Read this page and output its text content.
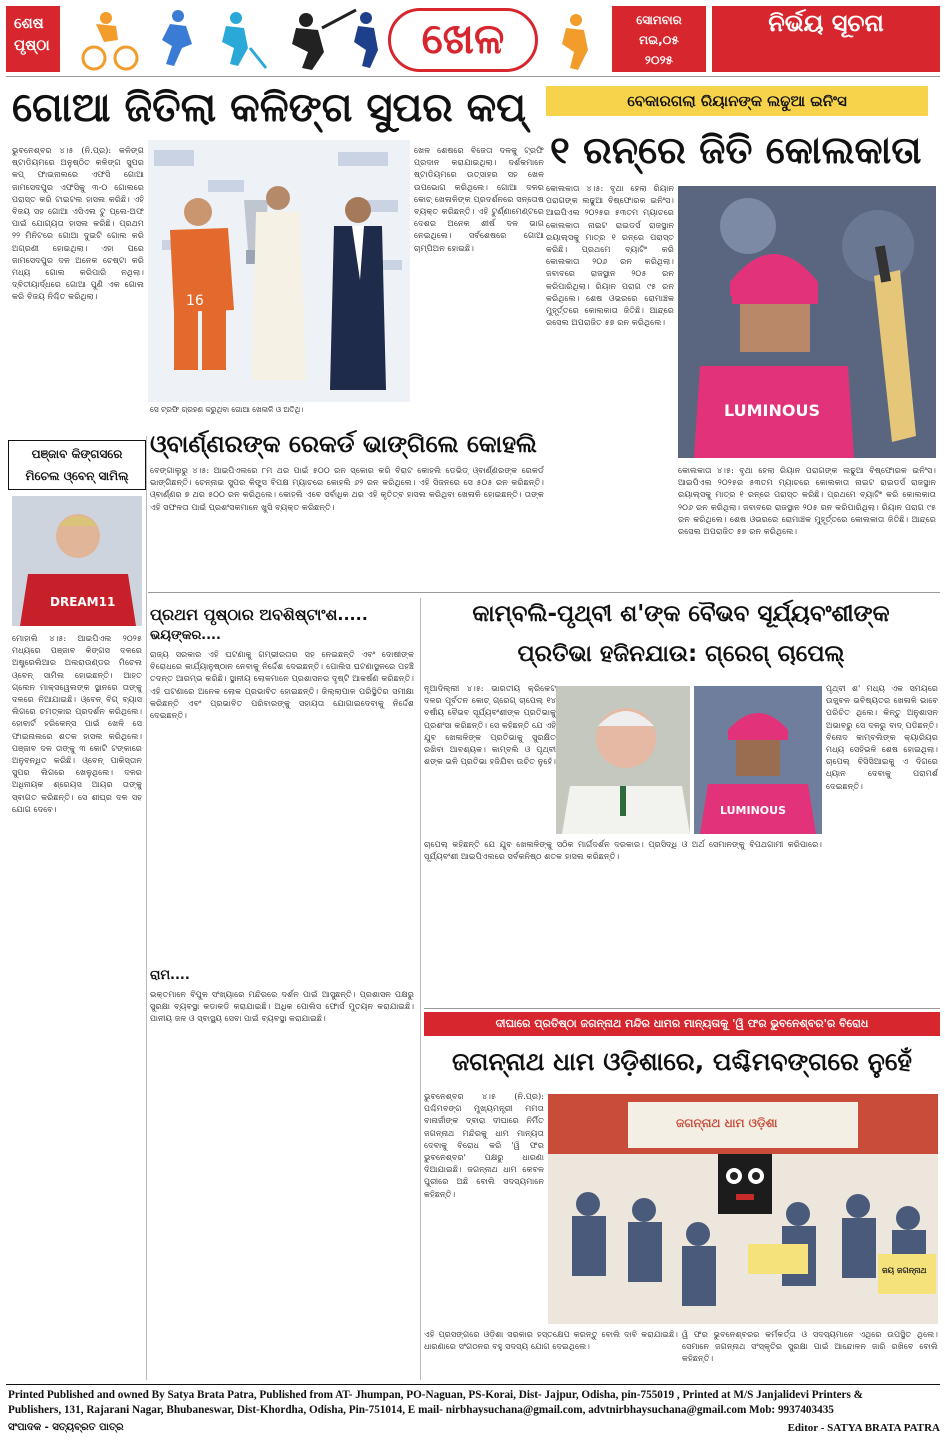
ଶେଷ
ପୃଷ୍ଠା	ଖେଳ	ସୋମବାର
ମଇ,୦୫
୨୦୨୫
ନିର୍ଭୟ ସୂଚନା
ଗୋଆ ଜିତିଲା କଳିଙ୍ଗ ସୁପର କପ୍
ଭୁବନେଶ୍ବର ୪।୫ (ନି.ପ୍ର): କଳିଙ୍ଗ ଷ୍ଟାଡିୟମରେ ଅନୁଷ୍ଠିତ କଳିଙ୍ଗ ସୁପର କପ୍ ଫାଇନାଲରେ ଏଫସି ଗୋଆ ଜାମସେଦପୁର ଏଫସିକୁ ୩-୦ ଗୋଲରେ ପରାସ୍ତ କରି ଟାଇଟଲ ହାସଲ କରିଛି। ଏହି ବିଜୟ ସହ ଗୋଆ ଏସିଏଲ ଟୁ ପ୍ଲେ-ଅଫ ପାଇଁ ଯୋଗ୍ୟତା ହାସଲ କରିଛି। ପ୍ରଥମ ୨୨ ମିନିଟରେ ଗୋଆ ଦୁଇଟି ଗୋଲ କରି ଅଗ୍ରଣୀ ହୋଇଥିଲା। ଏହା ପରେ ଜାମସେଦପୁର ଦଳ ଅନେକ ଚେଷ୍ଟା କରି ମଧ୍ୟ ଗୋଲ କରିପାରି ନଥିଲା। ଦ୍ବିତୀୟାର୍ଦ୍ଧରେ ଗୋଆ ପୁଣି ଏକ ଗୋଲ କରି ବିଜୟ ନିଶ୍ଚିତ କରିଥିଲା।	16
ସେ ଟ୍ରଫି ଗ୍ରହଣ କରୁଥିବା ଗୋଆ ଖେଳାଳି ଓ ଅତିଥି।
ଖେଳ ଶେଷରେ ବିଜେତା ଦଳକୁ ଟ୍ରଫି ପ୍ରଦାନ କରାଯାଇଥିଲା। ଦର୍ଶକମାନେ ଷ୍ଟାଡିୟମରେ ଉତ୍ସାହର ସହ ଖେଳ ଉପଭୋଗ କରିଥିଲେ। ଗୋଆ ଦଳର କୋଚ୍ ଖେଳାଳିଙ୍କ ପ୍ରଦର୍ଶନରେ ସନ୍ତୋଷ ବ୍ୟକ୍ତ କରିଛନ୍ତି। ଏହି ଟୁର୍ଣ୍ଣାମେଣ୍ଟରେ ଦେଶର ଅନେକ ଶୀର୍ଷ ଦଳ ଭାଗ ନେଇଥିଲେ। ସର୍ବଶେଷରେ ଗୋଆ ଚାମ୍ପିଅନ ହୋଇଛି।
ବେକାରଗଲା ରିୟାନଙ୍କ ଲଢୁଆ ଇନିଂସ
୧ ରନ୍‌ରେ ଜିତି କୋଲକାତା
କୋଲକାତା ୪।୫: ବୃଥା ହେଲା ରିୟାନ ପରାଗଙ୍କ ଲଢୁଆ ବିଷ୍ଫୋରକ ଇନିଂସ। ଆଇପିଏଲ ୨୦୨୫ର ୫୩ତମ ମ୍ୟାଚରେ କୋଲକାତା ନାଇଟ ରାଇଡର୍ସ ରାଜସ୍ଥାନ ରୟାଲ୍ସକୁ ମାତ୍ର ୧ ରନ୍‌ରେ ପରାସ୍ତ କରିଛି। ପ୍ରଥମେ ବ୍ୟାଟିଂ କରି କୋଲକାତା ୨୦୬ ରନ କରିଥିଲା। ଜବାବରେ ରାଜସ୍ଥାନ ୨୦୫ ରନ କରିପାରିଥିଲା। ରିୟାନ ପରାଗ ୯୫ ରନ କରିଥିଲେ। ଶେଷ ଓଭରରେ ରୋମାଞ୍ଚକ ମୁହୂର୍ତ୍ତରେ କୋଲକାତା ଜିତିଛି। ଆନ୍ଦ୍ରେ ରସେଲ ଅପରାଜିତ ୫୭ ରନ କରିଥିଲେ।
LUMINOUS
କୋଲକାତା ୪।୫: ବୃଥା ହେଲା ରିୟାନ ପରାଗଙ୍କ ଲଢୁଆ ବିଷ୍ଫୋରକ ଇନିଂସ। ଆଇପିଏଲ ୨୦୨୫ର ୫୩ତମ ମ୍ୟାଚରେ କୋଲକାତା ନାଇଟ ରାଇଡର୍ସ ରାଜସ୍ଥାନ ରୟାଲ୍ସକୁ ମାତ୍ର ୧ ରନ୍‌ରେ ପରାସ୍ତ କରିଛି। ପ୍ରଥମେ ବ୍ୟାଟିଂ କରି କୋଲକାତା ୨୦୬ ରନ କରିଥିଲା। ଜବାବରେ ରାଜସ୍ଥାନ ୨୦୫ ରନ କରିପାରିଥିଲା। ରିୟାନ ପରାଗ ୯୫ ରନ କରିଥିଲେ। ଶେଷ ଓଭରରେ ରୋମାଞ୍ଚକ ମୁହୂର୍ତ୍ତରେ କୋଲକାତା ଜିତିଛି। ଆନ୍ଦ୍ରେ ରସେଲ ଅପରାଜିତ ୫୭ ରନ କରିଥିଲେ।
ଓ୍ବାର୍ଣ୍ଣରଙ୍କ ରେକର୍ଡ ଭାଙ୍ଗିଲେ କୋହଲି
ବେଙ୍ଗାଲୁରୁ ୪।୫: ଆଇପିଏଲରେ ୮ମ ଥର ପାଇଁ ୫୦୦ ରନ ସ୍କୋର କରି ବିରାଟ କୋହଲି ଡେଭିଡ୍ ଓ୍ବାର୍ଣ୍ଣରଙ୍କ ରେକର୍ଡ ଭାଙ୍ଗିଛନ୍ତି। ଚେନ୍ନାଇ ସୁପର କିଙ୍ଗ୍ସ ବିପକ୍ଷ ମ୍ୟାଚରେ କୋହଲି ୬୨ ରନ କରିଥିଲେ। ଏହି ସିଜନରେ ସେ ୫୦୫ ରନ କରିଛନ୍ତି। ଓ୍ବାର୍ଣ୍ଣର ୭ ଥର ୫୦୦ ରନ କରିଥିଲେ। କୋହଲି ଏବେ ସର୍ବାଧିକ ଥର ଏହି କୃତିତ୍ବ ହାସଲ କରିଥିବା ଖେଳାଳି ହୋଇଛନ୍ତି। ତାଙ୍କ ଏହି ସଫଳତା ପାଇଁ ପ୍ରଶଂସକମାନେ ଖୁସି ବ୍ୟକ୍ତ କରିଛନ୍ତି।
ପଞ୍ଜାବ କିଙ୍ଗସରେ
ମିଚେଲ ଓ୍ବେନ୍ ସାମିଲ୍
DREAM11
ମୋହାଲି ୪।୫: ଆଇପିଏଲ ୨୦୨୫ ମଧ୍ୟରେ ପଞ୍ଜାବ କିଙ୍ଗସ ଦଳରେ ଅଷ୍ଟ୍ରେଲିଆର ଅଲରାଉଣ୍ଡର ମିଚେଲ ଓ୍ବେନ୍ ସାମିଲ ହୋଇଛନ୍ତି। ଆହତ ଗ୍ଲେନ ମାକ୍ସୱେଲଙ୍କ ସ୍ଥାନରେ ତାଙ୍କୁ ଦଳରେ ନିଆଯାଇଛି। ଓ୍ବେନ୍ ବିଗ୍ ବ୍ୟାସ ଲିଗରେ ଚମତ୍କାର ପ୍ରଦର୍ଶନ କରିଥିଲେ। ହୋବାର୍ଟ ହରିକେନ୍ସ ପାଇଁ ଖେଳି ସେ ଫାଇନାଲରେ ଶତକ ହାସଲ କରିଥିଲେ। ପଞ୍ଜାବ ଦଳ ତାଙ୍କୁ ୩ କୋଟି ଟଙ୍କାରେ ଅନୁବନ୍ଧିତ କରିଛି। ଓ୍ବେନ୍ ପାକିସ୍ତାନ ସୁପର ଲିଗରେ ଖେଳୁଥିଲେ। ଦଳର ଅଧିନାୟକ ଶ୍ରେୟସ ଆୟର ତାଙ୍କୁ ସ୍ବାଗତ କରିଛନ୍ତି। ସେ ଶୀଘ୍ର ଦଳ ସହ ଯୋଗ ଦେବେ।
ପ୍ରଥମ ପୃଷ୍ଠାର ଅବଶିଷ୍ଟାଂଶ.....
ଭୟଙ୍କର....
ରାଜ୍ୟ ସରକାର ଏହି ଘଟଣାକୁ ଗମ୍ଭୀରତାର ସହ ନେଇଛନ୍ତି ଏବଂ ଦୋଷୀଙ୍କ ବିରୋଧରେ କାର୍ଯ୍ୟାନୁଷ୍ଠାନ ନେବାକୁ ନିର୍ଦ୍ଦେଶ ଦେଇଛନ୍ତି। ପୋଲିସ ଘଟଣାସ୍ଥଳରେ ପହଞ୍ଚି ତଦନ୍ତ ଆରମ୍ଭ କରିଛି। ସ୍ଥାନୀୟ ଲୋକମାନେ ପ୍ରଶାସନର ଦୃଷ୍ଟି ଆକର୍ଷଣ କରିଛନ୍ତି। ଏହି ଘଟଣାରେ ଅନେକ ଲୋକ ପ୍ରଭାବିତ ହୋଇଛନ୍ତି। ଜିଲ୍ଲାପାଳ ପରିସ୍ଥିତିର ସମୀକ୍ଷା କରିଛନ୍ତି ଏବଂ ପ୍ରଭାବିତ ପରିବାରଙ୍କୁ ସହାୟତା ଯୋଗାଇଦେବାକୁ ନିର୍ଦ୍ଦେଶ ଦେଇଛନ୍ତି।
ରାମ....
ଭକ୍ତମାନେ ବିପୁଳ ସଂଖ୍ୟାରେ ମନ୍ଦିରରେ ଦର୍ଶନ ପାଇଁ ଆସୁଛନ୍ତି। ପ୍ରଶାସନ ପକ୍ଷରୁ ସୁରକ୍ଷା ବ୍ୟବସ୍ଥା କଡାକଡି କରାଯାଇଛି। ଅଧିକ ପୋଲିସ ଫୋର୍ସ ମୁତୟନ କରାଯାଇଛି। ପାନୀୟ ଜଳ ଓ ସ୍ବାସ୍ଥ୍ୟ ସେବା ପାଇଁ ବ୍ୟବସ୍ଥା କରାଯାଇଛି।
କାମ୍ବଲି-ପୃଥ୍ବୀ ଶ'ଙ୍କ ବୈଭବ ସୂର୍ଯ୍ୟବଂଶୀଙ୍କ
ପ୍ରତିଭା ହଜିନଯାଉ: ଗ୍ରେଗ୍ ଚାପେଲ୍
ନୂଆଦିଲ୍ଲୀ ୪।୫: ଭାରତୀୟ କ୍ରିକେଟ ଦଳର ପୂର୍ବତନ କୋଚ୍ ଗ୍ରେଗ୍ ଚାପେଲ୍ ୧୪ ବର୍ଷୀୟ ବୈଭବ ସୂର୍ଯ୍ୟବଂଶୀଙ୍କ ପ୍ରତିଭାକୁ ପ୍ରଶଂସା କରିଛନ୍ତି। ସେ କହିଛନ୍ତି ଯେ ଏହି ଯୁବ ଖେଳାଳିଙ୍କ ପ୍ରତିଭାକୁ ସୁରକ୍ଷିତ ରଖିବା ଆବଶ୍ୟକ। କାମ୍ବଲି ଓ ପୃଥ୍ବୀ ଶଙ୍କ ଭଳି ପ୍ରତିଭା ହଜିଯିବା ଉଚିତ ନୁହେଁ।
LUMINOUS
ପୃଥ୍ବୀ ଶ' ମଧ୍ୟ ଏକ ସମୟରେ ଉଜ୍ଜ୍ବଳ ଭବିଷ୍ୟତର ଖେଳାଳି ଭାବେ ପରିଚିତ ଥିଲେ। କିନ୍ତୁ ଅନୁଶାସନ ଅଭାବରୁ ସେ ଦଳରୁ ବାଦ୍ ପଡିଛନ୍ତି। ବିନୋଦ କାମ୍ବଲିଙ୍କ କ୍ୟାରିୟର ମଧ୍ୟ ସେହିଭଳି ଶେଷ ହୋଇଥିଲା। ଚାପେଲ୍ ବିସିସିଆଇକୁ ଏ ଦିଗରେ ଧ୍ୟାନ ଦେବାକୁ ପରାମର୍ଶ ଦେଇଛନ୍ତି।
ଚାପେଲ୍ କହିଛନ୍ତି ଯେ ଯୁବ ଖେଳାଳିଙ୍କୁ ସଠିକ ମାର୍ଗଦର୍ଶନ ଦରକାର। ପ୍ରସିଦ୍ଧି ଓ ଅର୍ଥ ସେମାନଙ୍କୁ ବିପଥଗାମୀ କରିପାରେ। ସୂର୍ଯ୍ୟବଂଶୀ ଆଇପିଏଲରେ ସର୍ବକନିଷ୍ଠ ଶତକ ହାସଲ କରିଛନ୍ତି।
ଦୀଘାରେ ପ୍ରତିଷ୍ଠା ଜଗନ୍ନାଥ ମନ୍ଦିର ଧାମର ମାନ୍ୟତାକୁ 'ୱି ଫର ଭୁବନେଶ୍ବର'ର ବିରୋଧ
ଜଗନ୍ନାଥ ଧାମ ଓଡ଼ିଶାରେ, ପଶ୍ଚିମବଙ୍ଗରେ ନୁହେଁ
ଭୁବନେଶ୍ବର ୪।୫ (ନି.ପ୍ର): ପଶ୍ଚିମବଙ୍ଗ ମୁଖ୍ୟମନ୍ତ୍ରୀ ମମତା ବାନାର୍ଜୀଙ୍କ ଦ୍ବାରା ଦୀଘାରେ ନିର୍ମିତ ଜଗନ୍ନାଥ ମନ୍ଦିରକୁ ଧାମ ମାନ୍ୟତା ଦେବାକୁ ବିରୋଧ କରି 'ୱି ଫର ଭୁବନେଶ୍ବର' ପକ୍ଷରୁ ଧାରଣା ଦିଆଯାଇଛି। ଜଗନ୍ନାଥ ଧାମ କେବଳ ପୁରୀରେ ଅଛି ବୋଲି ସଦସ୍ୟମାନେ କହିଛନ୍ତି।
ଜଗନ୍ନାଥ ଧାମ ଓଡ଼ିଶା
ଜୟ ଜଗନ୍ନାଥ
ଏହି ପ୍ରସଙ୍ଗରେ ଓଡ଼ିଶା ସରକାର ହସ୍ତକ୍ଷେପ କରନ୍ତୁ ବୋଲି ଦାବି କରାଯାଇଛି। ଧାରଣାରେ ସଂଗଠନର ବହୁ ସଦସ୍ୟ ଯୋଗ ଦେଇଥିଲେ।
ୱି ଫର ଭୁବନେଶ୍ବରର କର୍ମକର୍ତ୍ତା ଓ ସଦସ୍ୟମାନେ ଏଥିରେ ଉପସ୍ଥିତ ଥିଲେ। ସେମାନେ ଜଗନ୍ନାଥ ସଂସ୍କୃତିର ସୁରକ୍ଷା ପାଇଁ ଆନ୍ଦୋଳନ ଜାରି ରଖିବେ ବୋଲି କହିଛନ୍ତି।
Printed Published and owned By Satya Brata Patra, Published from AT- Jhumpan, PO-Naguan, PS-Korai, Dist- Jajpur, Odisha, pin-755019 , Printed at M/S Janjalidevi Printers &
Publishers, 131, Rajarani Nagar, Bhubaneswar, Dist-Khordha, Odisha, Pin-751014, E mail- nirbhaysuchana@gmail.com, advtnirbhaysuchana@gmail.com Mob: 9937403435
ସଂପାଦକ - ସତ୍ୟବ୍ରତ ପାତ୍ର	Editor - SATYA BRATA PATRA
